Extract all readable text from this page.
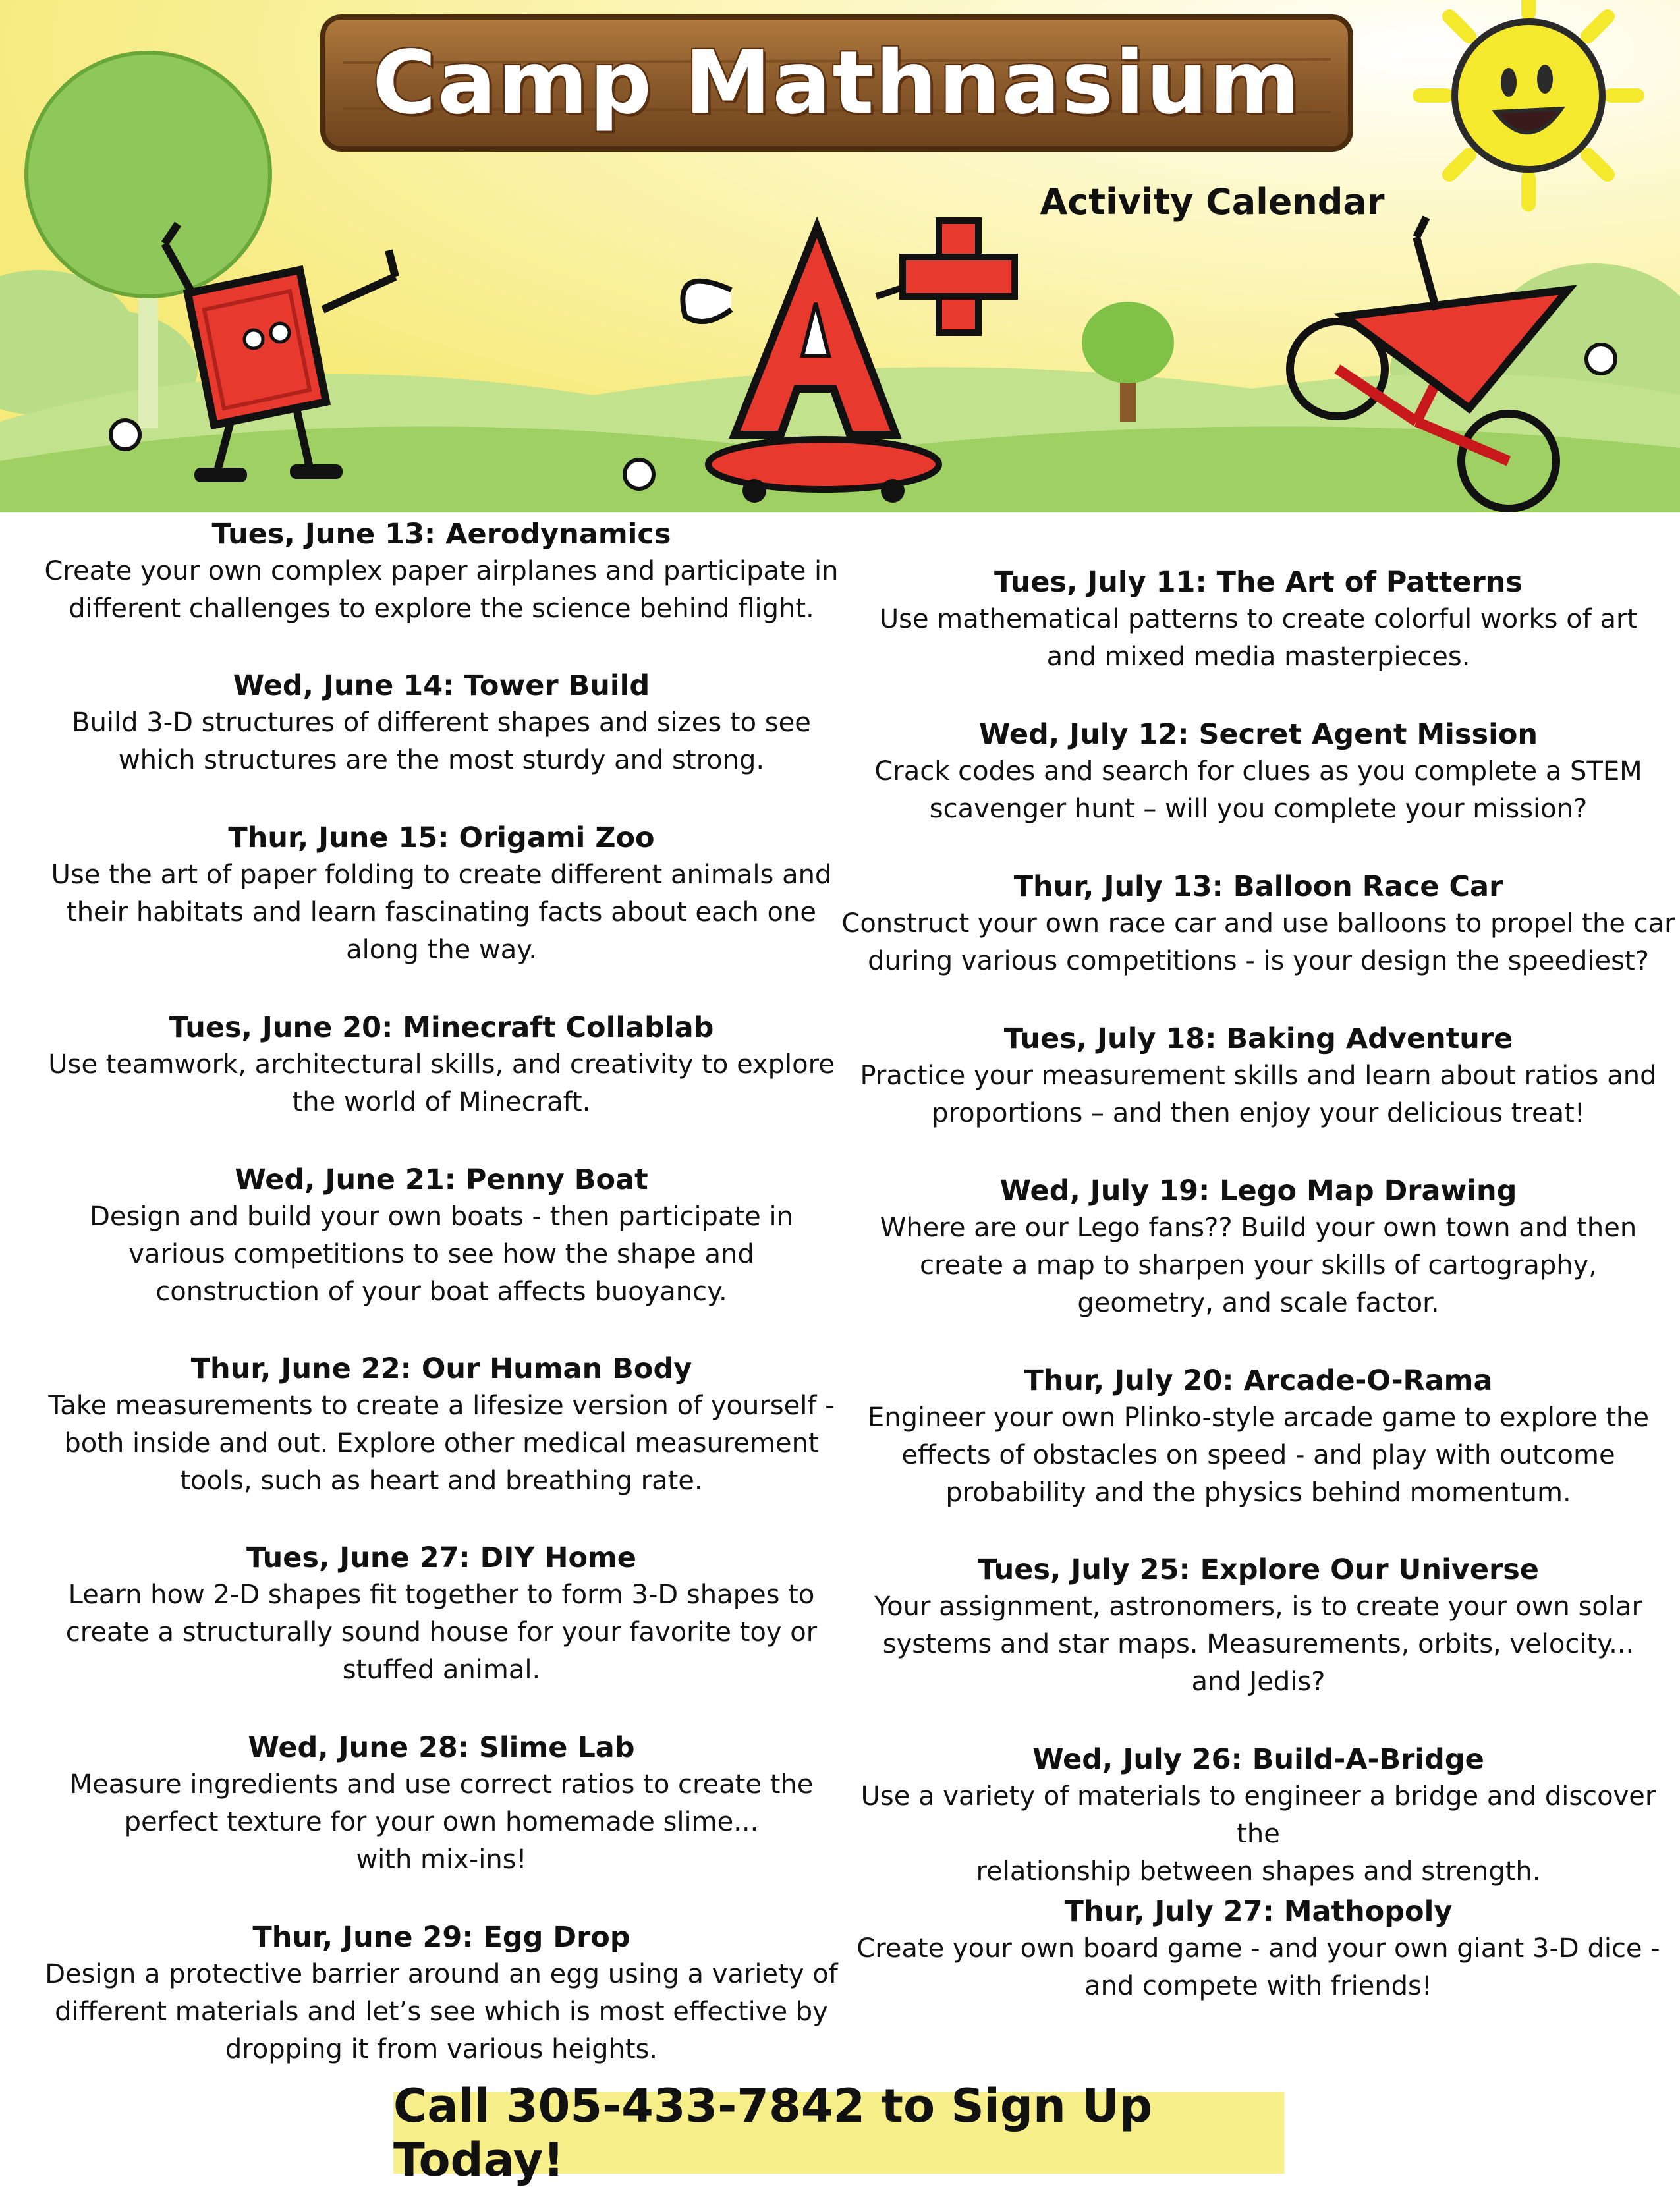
Camp Mathnasium
Activity Calendar

Tues, June 13: Aerodynamics

Create your own complex paper airplanes and participate in
different challenges to explore the science behind flight.

Wed, June 14: Tower Build

Build 3-D structures of different shapes and sizes to see
which structures are the most sturdy and strong.

Thur, June 15: Origami Zoo

Use the art of paper folding to create different animals and
their habitats and learn fascinating facts about each one
along the way.

Tues, June 20: Minecraft Collablab

Use teamwork, architectural skills, and creativity to explore
the world of Minecraft.

Wed, June 21: Penny Boat

Design and build your own boats - then participate in
various competitions to see how the shape and
construction of your boat affects buoyancy.

Thur, June 22: Our Human Body

Take measurements to create a lifesize version of yourself -
both inside and out. Explore other medical measurement
tools, such as heart and breathing rate.

Tues, June 27: DIY Home

Learn how 2-D shapes fit together to form 3-D shapes to
create a structurally sound house for your favorite toy or
stuffed animal.

Wed, June 28: Slime Lab

Measure ingredients and use correct ratios to create the
perfect texture for your own homemade slime...
with mix-ins!

Thur, June 29: Egg Drop

Design a protective barrier around an egg using a variety of
different materials and let’s see which is most effective by
dropping it from various heights.

Tues, July 11: The Art of Patterns

Use mathematical patterns to create colorful works of art
and mixed media masterpieces.

Wed, July 12: Secret Agent Mission

Crack codes and search for clues as you complete a STEM
scavenger hunt – will you complete your mission?

Thur, July 13: Balloon Race Car

Construct your own race car and use balloons to propel the car
during various competitions - is your design the speediest?

Tues, July 18: Baking Adventure

Practice your measurement skills and learn about ratios and
proportions – and then enjoy your delicious treat!

Wed, July 19: Lego Map Drawing

Where are our Lego fans?? Build your own town and then
create a map to sharpen your skills of cartography,
geometry, and scale factor.

Thur, July 20: Arcade-O-Rama

Engineer your own Plinko-style arcade game to explore the
effects of obstacles on speed - and play with outcome
probability and the physics behind momentum.

Tues, July 25: Explore Our Universe

Your assignment, astronomers, is to create your own solar
systems and star maps. Measurements, orbits, velocity...
and Jedis?

Wed, July 26: Build-A-Bridge

Use a variety of materials to engineer a bridge and discover the
relationship between shapes and strength.

Thur, July 27: Mathopoly

Create your own board game - and your own giant 3-D dice -
and compete with friends!

Call 305-433-7842 to Sign Up Today!
